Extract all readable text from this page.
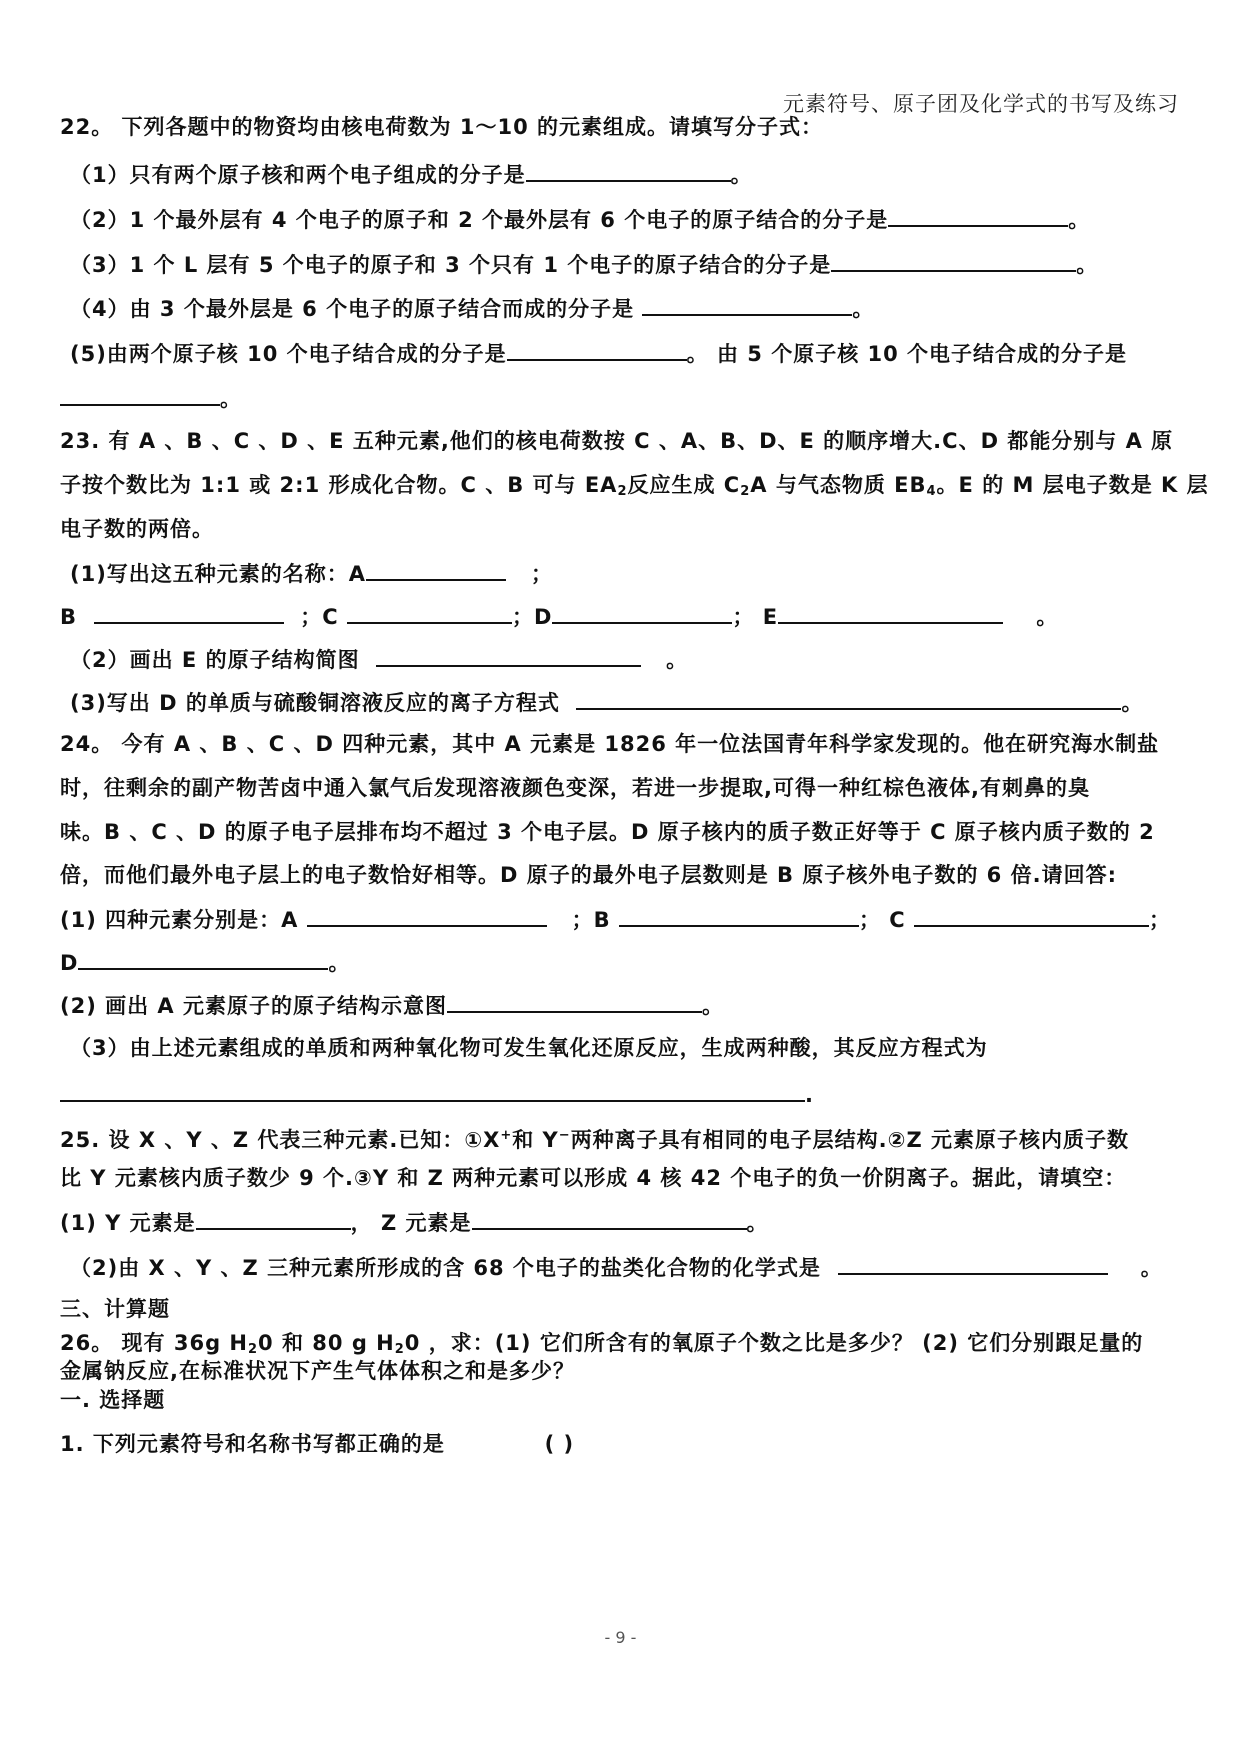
元素符号、原子团及化学式的书写及练习
22。 下列各题中的物资均由核电荷数为 1～10 的元素组成。请填写分子式：
（1）只有两个原子核和两个电子组成的分子是	。
（2）1 个最外层有 4 个电子的原子和 2 个最外层有 6 个电子的原子结合的分子是	。
（3）1 个 L 层有 5 个电子的原子和 3 个只有 1 个电子的原子结合的分子是	。
（4）由 3 个最外层是 6 个电子的原子结合而成的分子是	。
(5)由两个原子核 10 个电子结合成的分子是	。 由 5 个原子核 10 个电子结合成的分子是
。
23. 有 A 、B 、C 、D 、E 五种元素,他们的核电荷数按 C 、A、B、D、E 的顺序增大.C、D 都能分别与 A 原
子按个数比为 1:1 或 2:1 形成化合物。C 、B 可与 $EA_2$反应生成 $C_2A$ 与气态物质 $EB_4$。E 的 M 层电子数是 K 层
电子数的两倍。
(1)写出这五种元素的名称：A	；
B	；C	；D	； E	。
（2）画出 E 的原子结构简图	。
(3)写出 D 的单质与硫酸铜溶液反应的离子方程式	。
24。 今有 A 、B 、C 、D 四种元素，其中 A 元素是 1826 年一位法国青年科学家发现的。他在研究海水制盐
时，往剩余的副产物苦卤中通入氯气后发现溶液颜色变深，若进一步提取,可得一种红棕色液体,有刺鼻的臭
味。B 、C 、D 的原子电子层排布均不超过 3 个电子层。D 原子核内的质子数正好等于 C 原子核内质子数的 2
倍，而他们最外电子层上的电子数恰好相等。D 原子的最外电子层数则是 B 原子核外电子数的 6 倍.请回答:
(1) 四种元素分别是：A	；B	； C	；
D	。
(2) 画出 A 元素原子的原子结构示意图	。
（3）由上述元素组成的单质和两种氧化物可发生氧化还原反应，生成两种酸，其反应方程式为
.
25. 设 X 、Y 、Z 代表三种元素.已知：①X+和 Y−两种离子具有相同的电子层结构.②Z 元素原子核内质子数
比 Y 元素核内质子数少 9 个.③Y 和 Z 两种元素可以形成 4 核 42 个电子的负一价阴离子。据此，请填空：
(1) Y 元素是	， Z 元素是	。
（2)由 X 、Y 、Z 三种元素所形成的含 68 个电子的盐类化合物的化学式是	。
三、计算题
26。 现有 36g $H_20$ 和 80 g $H_20$ ，求：(1) 它们所含有的氧原子个数之比是多少？ (2) 它们分别跟足量的
金属钠反应,在标准状况下产生气体体积之和是多少？
一. 选择题
1. 下列元素符号和名称书写都正确的是	( )
- 9 -
